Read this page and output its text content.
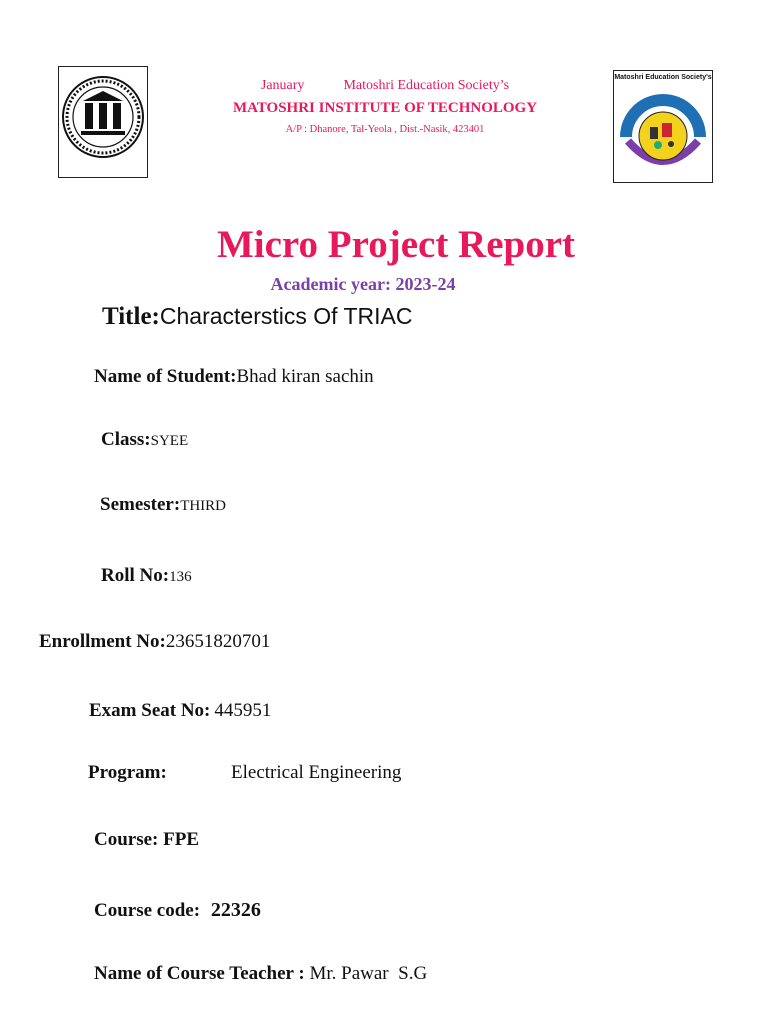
January	Matoshri Education Society’s
MATOSHRI INSTITUTE OF TECHNOLOGY
A/P : Dhanore, Tal-Yeola , Dist.-Nasik, 423401
Matoshri Education Society's
Micro Project Report
Academic year: 2023-24
Title:Characterstics Of TRIAC
Name of Student:Bhad kiran sachin
Class:SYEE
Semester:THIRD
Roll No:136
Enrollment No:23651820701
Exam Seat No: 445951
Program:	Electrical Engineering
Course: FPE
Course code: 22326
Name of Course Teacher : Mr. Pawar  S.G
